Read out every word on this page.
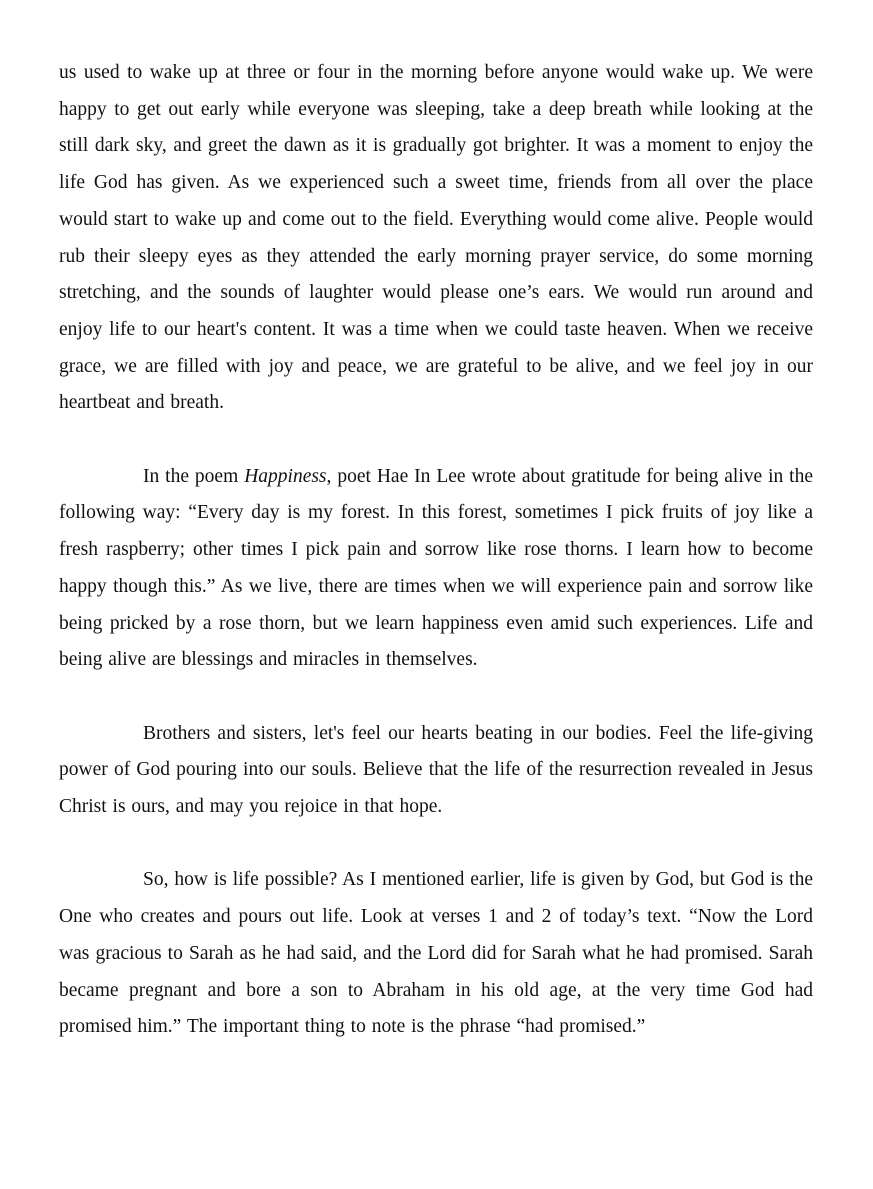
us used to wake up at three or four in the morning before anyone would wake up. We were happy to get out early while everyone was sleeping, take a deep breath while looking at the still dark sky, and greet the dawn as it is gradually got brighter. It was a moment to enjoy the life God has given. As we experienced such a sweet time, friends from all over the place would start to wake up and come out to the field. Everything would come alive. People would rub their sleepy eyes as they attended the early morning prayer service, do some morning stretching, and the sounds of laughter would please one’s ears. We would run around and enjoy life to our heart's content. It was a time when we could taste heaven. When we receive grace, we are filled with joy and peace, we are grateful to be alive, and we feel joy in our heartbeat and breath.

In the poem Happiness, poet Hae In Lee wrote about gratitude for being alive in the following way: “Every day is my forest. In this forest, sometimes I pick fruits of joy like a fresh raspberry; other times I pick pain and sorrow like rose thorns. I learn how to become happy though this.” As we live, there are times when we will experience pain and sorrow like being pricked by a rose thorn, but we learn happiness even amid such experiences. Life and being alive are blessings and miracles in themselves.

Brothers and sisters, let's feel our hearts beating in our bodies. Feel the life-giving power of God pouring into our souls. Believe that the life of the resurrection revealed in Jesus Christ is ours, and may you rejoice in that hope.

So, how is life possible? As I mentioned earlier, life is given by God, but God is the One who creates and pours out life. Look at verses 1 and 2 of today’s text. “Now the Lord was gracious to Sarah as he had said, and the Lord did for Sarah what he had promised. Sarah became pregnant and bore a son to Abraham in his old age, at the very time God had promised him.” The important thing to note is the phrase “had promised.”
